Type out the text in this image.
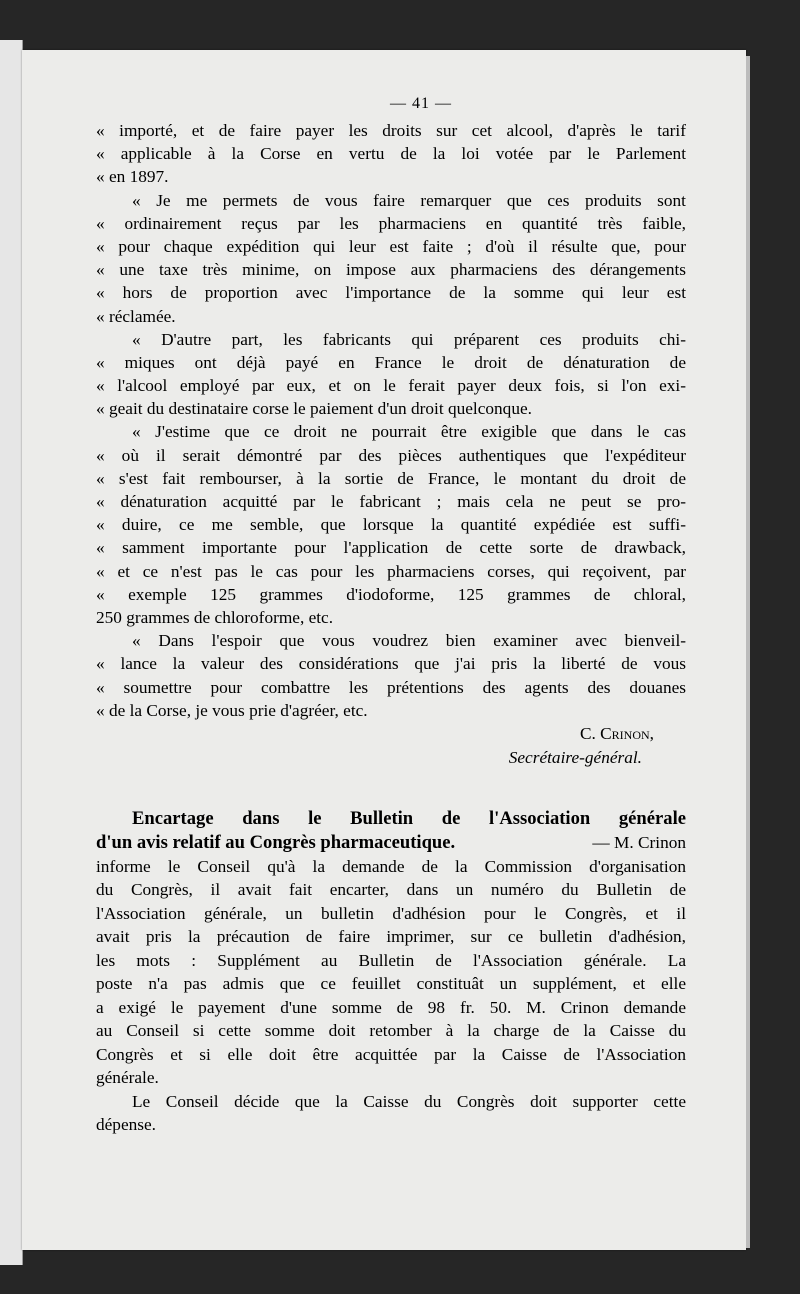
— 41 —
« importé, et de faire payer les droits sur cet alcool, d'après le tarif
« applicable à la Corse en vertu de la loi votée par le Parlement
« en 1897.
« Je me permets de vous faire remarquer que ces produits sont
« ordinairement reçus par les pharmaciens en quantité très faible,
« pour chaque expédition qui leur est faite ; d'où il résulte que, pour
« une taxe très minime, on impose aux pharmaciens des dérangements
« hors de proportion avec l'importance de la somme qui leur est
« réclamée.
« D'autre part, les fabricants qui préparent ces produits chi-
« miques ont déjà payé en France le droit de dénaturation de
« l'alcool employé par eux, et on le ferait payer deux fois, si l'on exi-
« geait du destinataire corse le paiement d'un droit quelconque.
« J'estime que ce droit ne pourrait être exigible que dans le cas
« où il serait démontré par des pièces authentiques que l'expéditeur
« s'est fait rembourser, à la sortie de France, le montant du droit de
« dénaturation acquitté par le fabricant ; mais cela ne peut se pro-
« duire, ce me semble, que lorsque la quantité expédiée est suffi-
« samment importante pour l'application de cette sorte de drawback,
« et ce n'est pas le cas pour les pharmaciens corses, qui reçoivent, par
« exemple 125 grammes d'iodoforme, 125 grammes de chloral,
250 grammes de chloroforme, etc.
« Dans l'espoir que vous voudrez bien examiner avec bienveil-
« lance la valeur des considérations que j'ai pris la liberté de vous
« soumettre pour combattre les prétentions des agents des douanes
« de la Corse, je vous prie d'agréer, etc.
C. Crinon,
Secrétaire-général.
Encartage dans le Bulletin de l'Association générale
d'un avis relatif au Congrès pharmaceutique.	— M. Crinon
informe le Conseil qu'à la demande de la Commission d'organisation
du Congrès, il avait fait encarter, dans un numéro du Bulletin de
l'Association générale, un bulletin d'adhésion pour le Congrès, et il
avait pris la précaution de faire imprimer, sur ce bulletin d'adhésion,
les mots : Supplément au Bulletin de l'Association générale. La
poste n'a pas admis que ce feuillet constituât un supplément, et elle
a exigé le payement d'une somme de 98 fr. 50. M. Crinon demande
au Conseil si cette somme doit retomber à la charge de la Caisse du
Congrès et si elle doit être acquittée par la Caisse de l'Association
générale.
Le Conseil décide que la Caisse du Congrès doit supporter cette
dépense.
